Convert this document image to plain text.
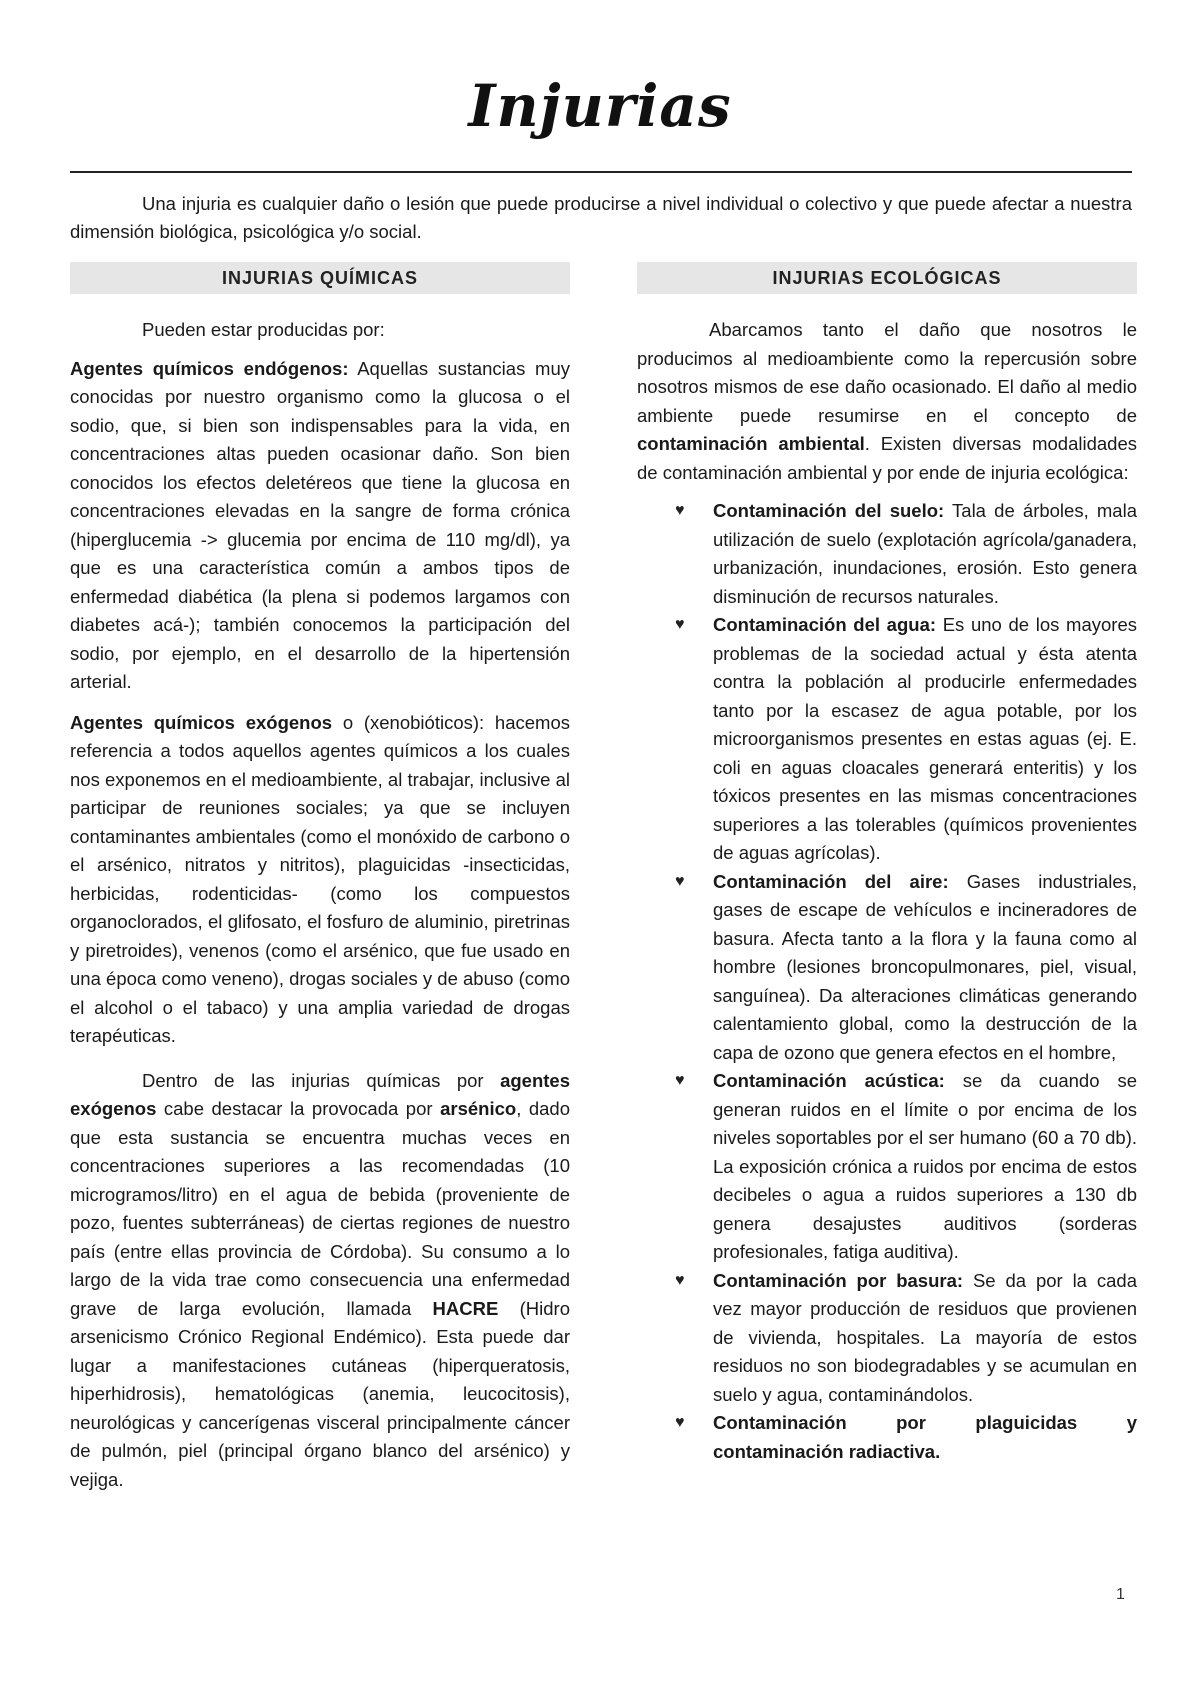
Injurias
Una injuria es cualquier daño o lesión que puede producirse a nivel individual o colectivo y que puede afectar a nuestra dimensión biológica, psicológica y/o social.
INJURIAS QUÍMICAS

Pueden estar producidas por:

Agentes químicos endógenos: Aquellas sustancias muy conocidas por nuestro organismo como la glucosa o el sodio, que, si bien son indispensables para la vida, en concentraciones altas pueden ocasionar daño. Son bien conocidos los efectos deletéreos que tiene la glucosa en concentraciones elevadas en la sangre de forma crónica (hiperglucemia -> glucemia por encima de 110 mg/dl), ya que es una característica común a ambos tipos de enfermedad diabética (la plena si podemos largamos con diabetes acá-); también conocemos la participación del sodio, por ejemplo, en el desarrollo de la hipertensión arterial.

Agentes químicos exógenos o (xenobióticos): hacemos referencia a todos aquellos agentes químicos a los cuales nos exponemos en el medioambiente, al trabajar, inclusive al participar de reuniones sociales; ya que se incluyen contaminantes ambientales (como el monóxido de carbono o el arsénico, nitratos y nitritos), plaguicidas -insecticidas, herbicidas, rodenticidas- (como los compuestos organoclorados, el glifosato, el fosfuro de aluminio, piretrinas y piretroides), venenos (como el arsénico, que fue usado en una época como veneno), drogas sociales y de abuso (como el alcohol o el tabaco) y una amplia variedad de drogas terapéuticas.

Dentro de las injurias químicas por agentes exógenos cabe destacar la provocada por arsénico, dado que esta sustancia se encuentra muchas veces en concentraciones superiores a las recomendadas (10 microgramos/litro) en el agua de bebida (proveniente de pozo, fuentes subterráneas) de ciertas regiones de nuestro país (entre ellas provincia de Córdoba). Su consumo a lo largo de la vida trae como consecuencia una enfermedad grave de larga evolución, llamada HACRE (Hidro arsenicismo Crónico Regional Endémico). Esta puede dar lugar a manifestaciones cutáneas (hiperqueratosis, hiperhidrosis), hematológicas (anemia, leucocitosis), neurológicas y cancerígenas visceral principalmente cáncer de pulmón, piel (principal órgano blanco del arsénico) y vejiga.

INJURIAS ECOLÓGICAS

Abarcamos tanto el daño que nosotros le producimos al medioambiente como la repercusión sobre nosotros mismos de ese daño ocasionado. El daño al medio ambiente puede resumirse en el concepto de contaminación ambiental. Existen diversas modalidades de contaminación ambiental y por ende de injuria ecológica:

♥ Contaminación del suelo: Tala de árboles, mala utilización de suelo (explotación agrícola/ganadera, urbanización, inundaciones, erosión. Esto genera disminución de recursos naturales.
♥ Contaminación del agua: Es uno de los mayores problemas de la sociedad actual y ésta atenta contra la población al producirle enfermedades tanto por la escasez de agua potable, por los microorganismos presentes en estas aguas (ej. E. coli en aguas cloacales generará enteritis) y los tóxicos presentes en las mismas concentraciones superiores a las tolerables (químicos provenientes de aguas agrícolas).
♥ Contaminación del aire: Gases industriales, gases de escape de vehículos e incineradores de basura. Afecta tanto a la flora y la fauna como al hombre (lesiones broncopulmonares, piel, visual, sanguínea). Da alteraciones climáticas generando calentamiento global, como la destrucción de la capa de ozono que genera efectos en el hombre,
♥ Contaminación acústica: se da cuando se generan ruidos en el límite o por encima de los niveles soportables por el ser humano (60 a 70 db). La exposición crónica a ruidos por encima de estos decibeles o agua a ruidos superiores a 130 db genera desajustes auditivos (sorderas profesionales, fatiga auditiva).
♥ Contaminación por basura: Se da por la cada vez mayor producción de residuos que provienen de vivienda, hospitales. La mayoría de estos residuos no son biodegradables y se acumulan en suelo y agua, contaminándolos.
♥ Contaminación por plaguicidas y contaminación radiactiva.
1
